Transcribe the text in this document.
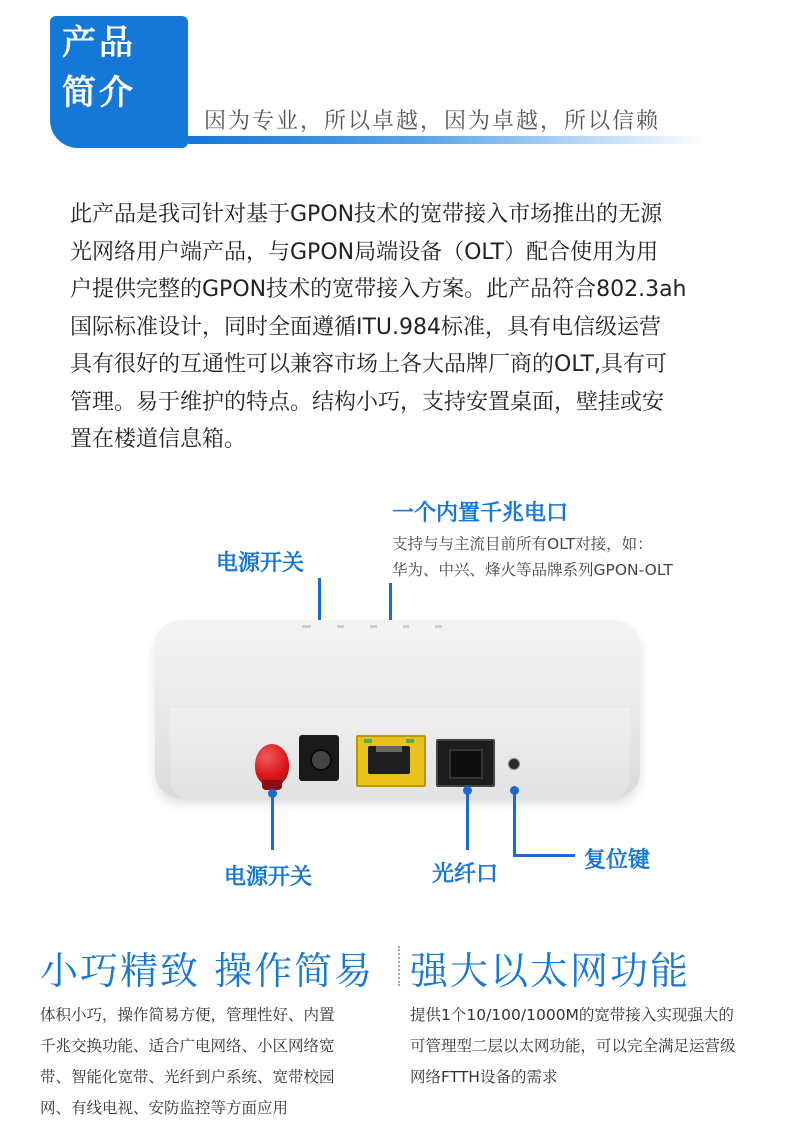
产品
简介
因为专业，所以卓越，因为卓越，所以信赖
此产品是我司针对基于GPON技术的宽带接入市场推出的无源
光网络用户端产品，与GPON局端设备（OLT）配合使用为用
户提供完整的GPON技术的宽带接入方案。此产品符合802.3ah
国际标准设计，同时全面遵循ITU.984标准，具有电信级运营
具有很好的互通性可以兼容市场上各大品牌厂商的OLT,具有可
管理。易于维护的特点。结构小巧，支持安置桌面，壁挂或安
置在楼道信息箱。
一个内置千兆电口
支持与与主流目前所有OLT对接，如：
华为、中兴、烽火等品牌系列GPON-OLT
电源开关
电源开关	光纤口
复位键
小巧精致 操作简易 强大以太网功能
体积小巧，操作简易方便，管理性好、内置
千兆交换功能、适合广电网络、小区网络宽
带、智能化宽带、光纤到户系统、宽带校园
网、有线电视、安防监控等方面应用
提供1个10/100/1000M的宽带接入实现强大的
可管理型二层以太网功能，可以完全满足运营级
网络FTTH设备的需求
